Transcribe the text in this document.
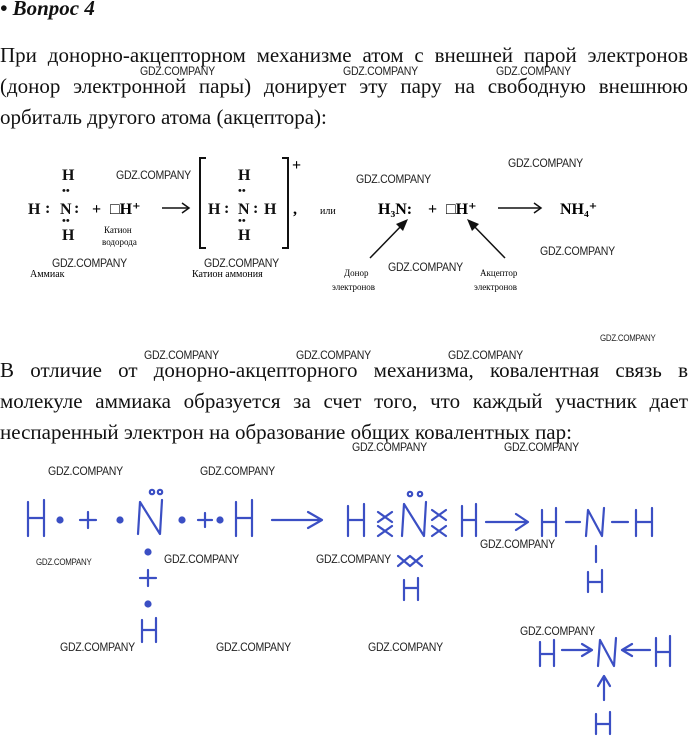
• Вопрос 4
При донорно-акцепторном механизме атом с внешней парой электронов (донор электронной пары) донирует эту пару на свободную внешнюю орбиталь другого атома (акцептора):
H
••
H : N :
••
H
+ □H⁺
Катион
водорода
+
H
••
H : N : H
••
H
, или
Аммиак	Катион аммония
H₃N: + □H⁺	NH₄⁺
Донор
электронов
Акцептор
электронов
В отличие от донорно-акцепторного механизма, ковалентная связь в молекуле аммиака образуется за счет того, что каждый участник дает неспаренный электрон на образование общих ковалентных пар:
GDZ.COMPANY	GDZ.COMPANY	GDZ.COMPANY
GDZ.COMPANY	GDZ.COMPANY
GDZ.COMPANY
GDZ.COMPANY	GDZ.COMPANY	GDZ.COMPANY
GDZ.COMPANY
GDZ.COMPANY
GDZ.COMPANY	GDZ.COMPANY	GDZ.COMPANY
GDZ.COMPANY	GDZ.COMPANY
GDZ.COMPANY	GDZ.COMPANY
GDZ.COMPANY	GDZ.COMPANY	GDZ.COMPANY
GDZ.COMPANY
GDZ.COMPANY
GDZ.COMPANY	GDZ.COMPANY	GDZ.COMPANY
